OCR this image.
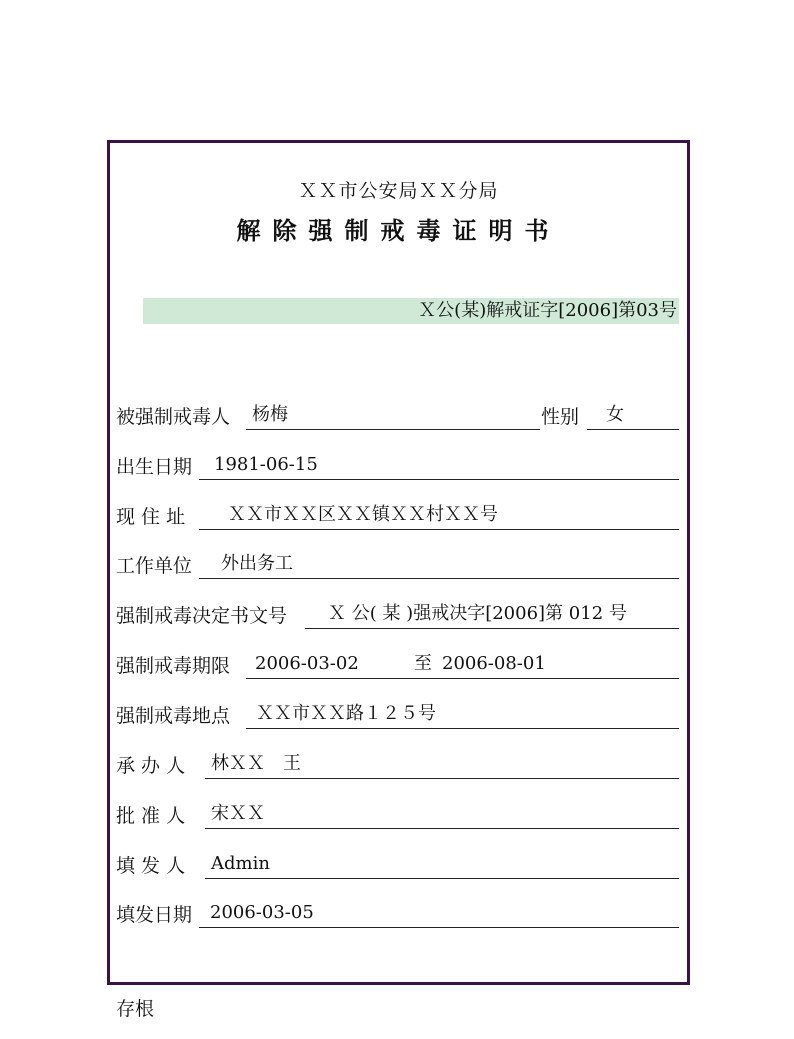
ＸＸ市公安局ＸＸ分局
解除强制戒毒证明书
Ｘ公(某)解戒证字[2006]第03号
被强制戒毒人 杨梅	性别 女
出生日期 1981-06-15
现 住 址 ＸＸ市ＸＸ区ＸＸ镇ＸＸ村ＸＸ号
工作单位 外出务工
强制戒毒决定书文号 Ｘ 公( 某 )强戒决字[2006]第 012 号
强制戒毒期限 2006-03-02	至 2006-08-01
强制戒毒地点 ＸＸ市ＸＸ路１２５号
承 办 人 林ＸＸ　王
批 准 人 宋ＸＸ
填 发 人 Admin
填发日期 2006-03-05
存根
